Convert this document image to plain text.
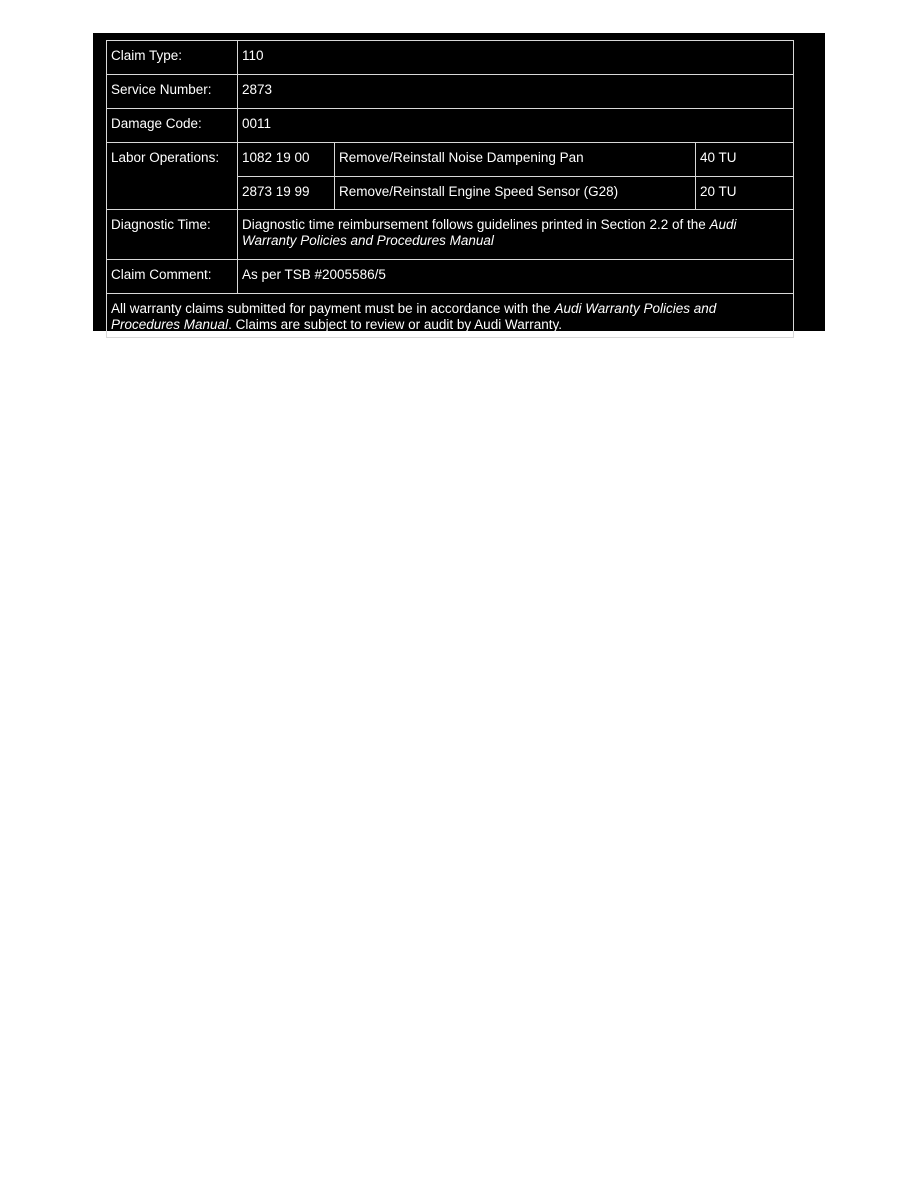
Claim Type:	110		
Service Number:	2873		
Damage Code:	0011		
Labor Operations:	1082 19 00	Remove/Reinstall Noise Dampening Pan	40 TU
	2873 19 99	Remove/Reinstall Engine Speed Sensor (G28)	20 TU
Diagnostic Time:	Diagnostic time reimbursement follows guidelines printed in Section 2.2 of the Audi Warranty Policies and Procedures Manual		
Claim Comment:	As per TSB #2005586/5		
All warranty claims submitted for payment must be in accordance with the Audi Warranty Policies and Procedures Manual. Claims are subject to review or audit by Audi Warranty.			
